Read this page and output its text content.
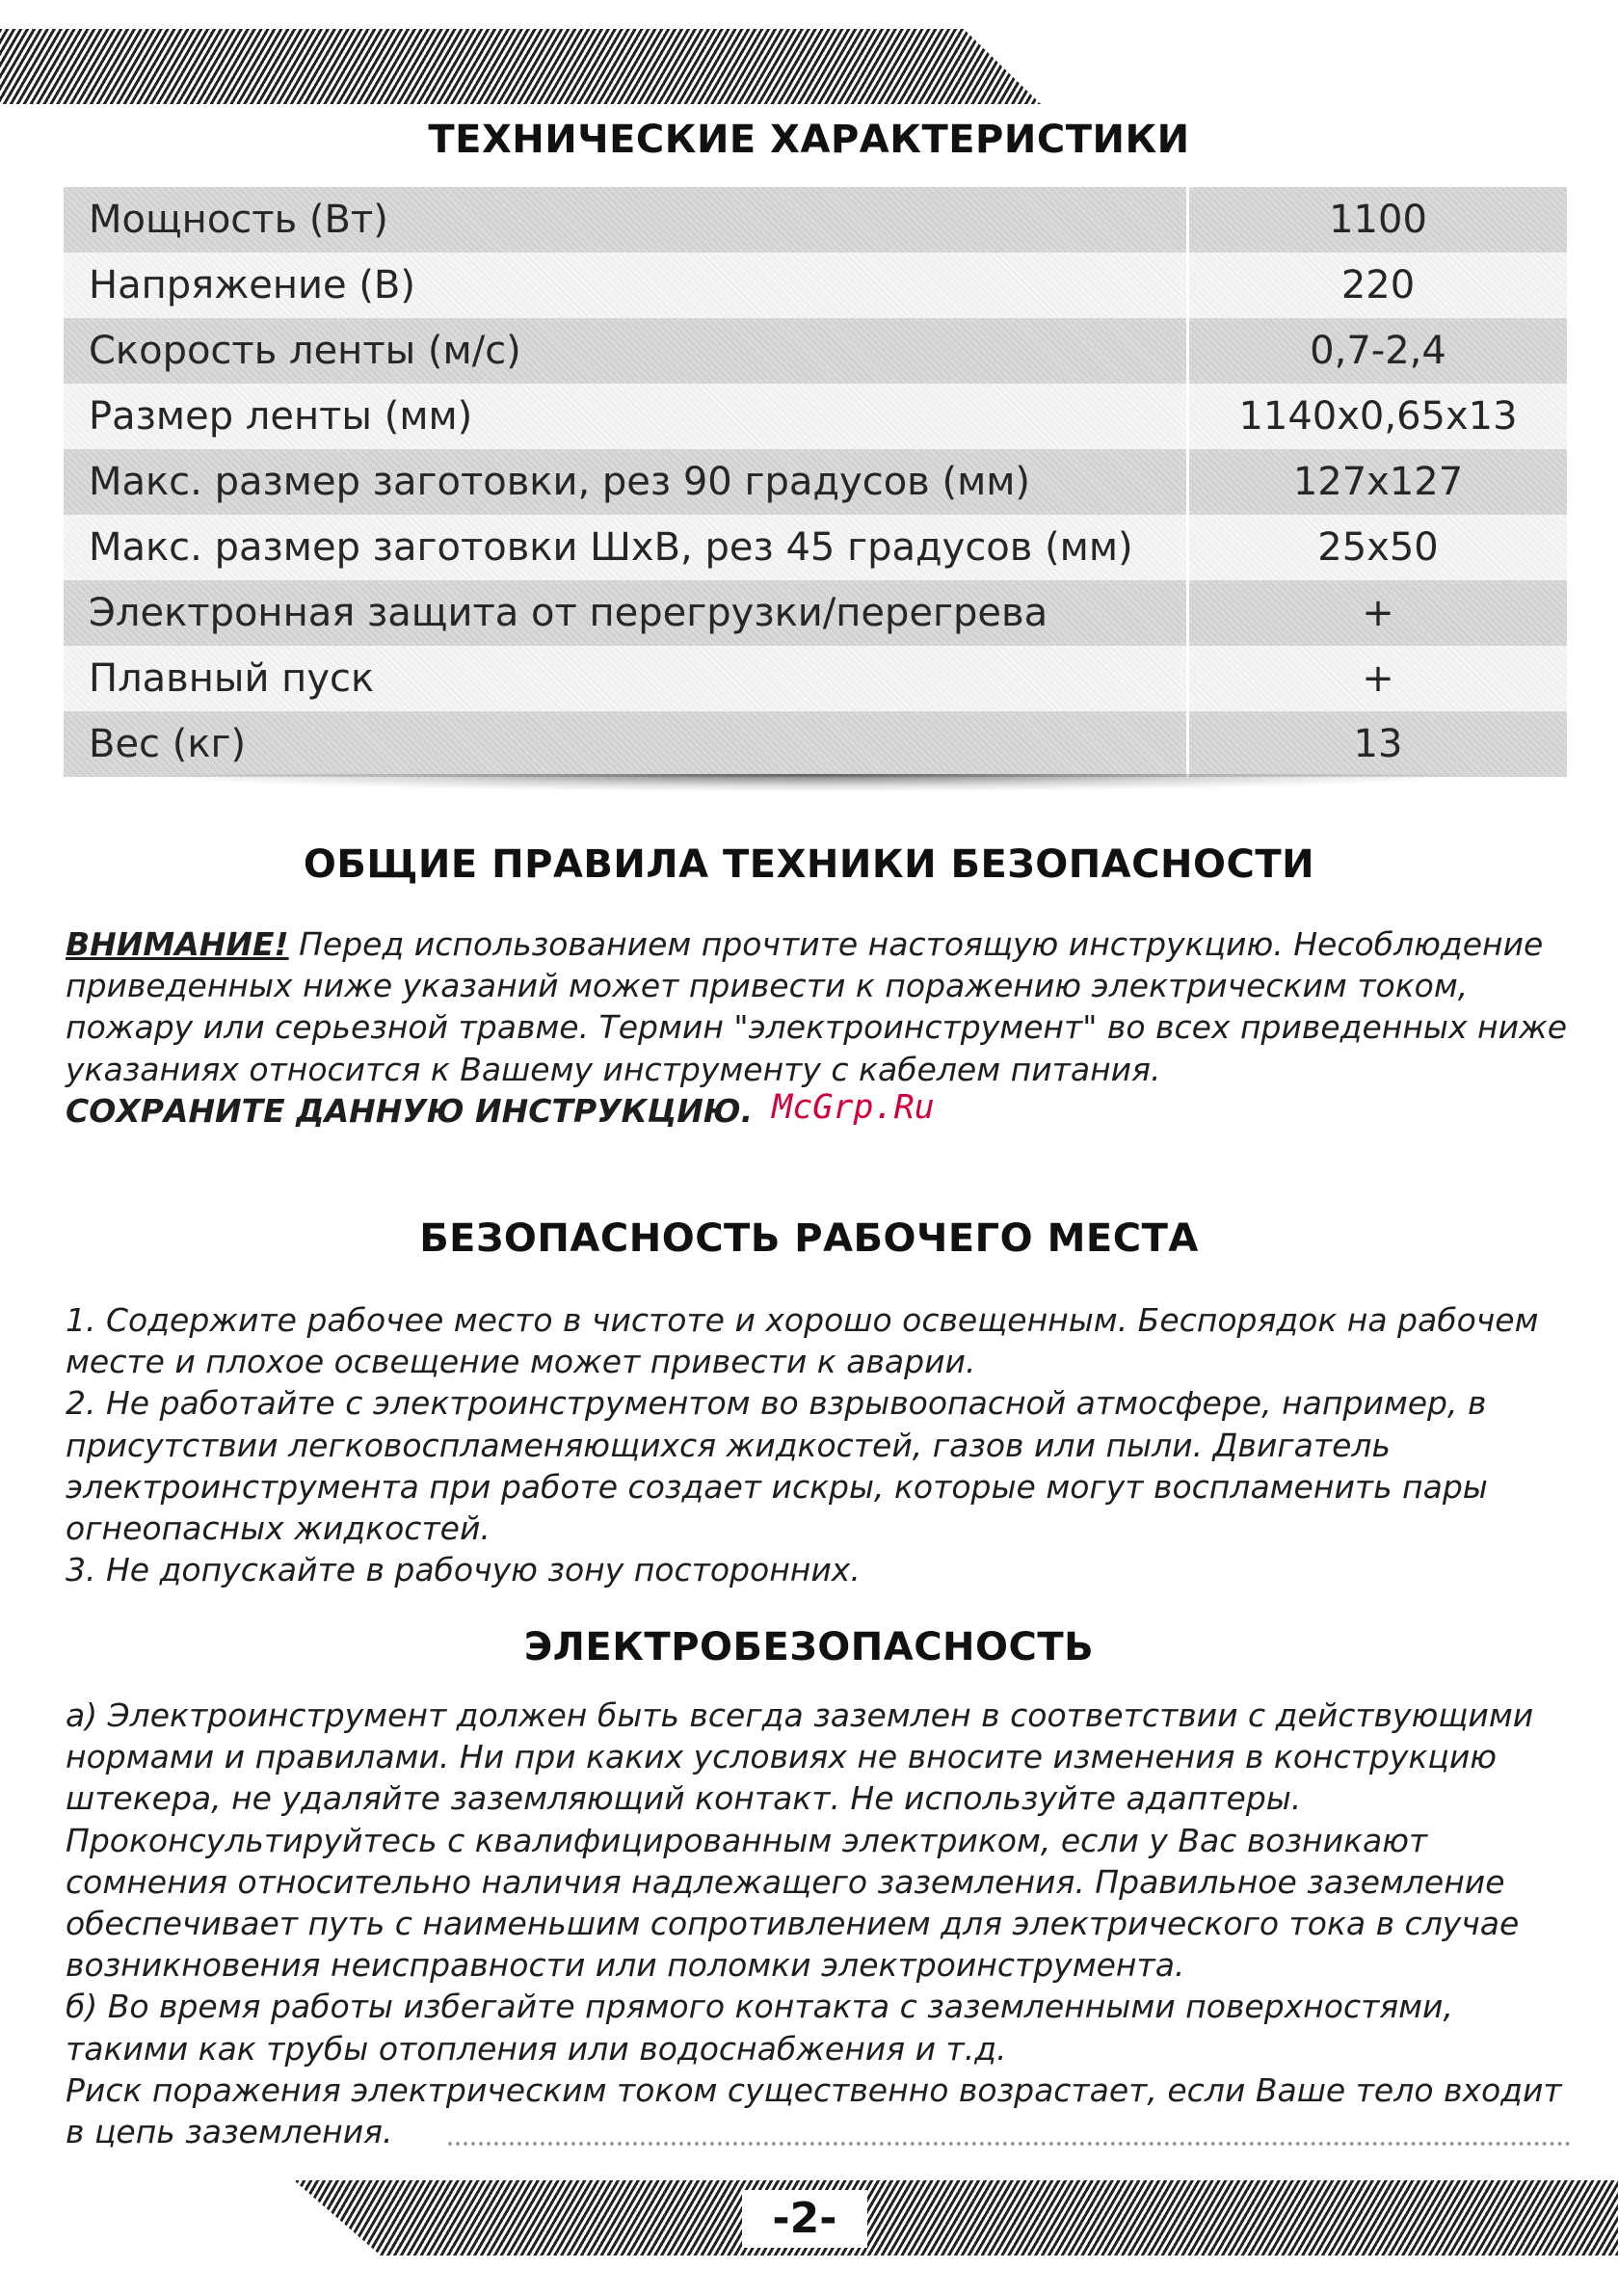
ТЕХНИЧЕСКИЕ ХАРАКТЕРИСТИКИ
Мощность (Вт)	1100
Напряжение (В)	220
Скорость ленты (м/с)	0,7-2,4
Размер ленты (мм)	1140х0,65х13
Макс. размер заготовки, рез 90 градусов (мм)	127х127
Макс. размер заготовки ШхВ, рез 45 градусов (мм)	25х50
Электронная защита от перегрузки/перегрева	+
Плавный пуск	+
Вес (кг)	13
ОБЩИЕ ПРАВИЛА ТЕХНИКИ БЕЗОПАСНОСТИ

ВНИМАНИЕ! Перед использованием прочтите настоящую инструкцию. Несоблюдение приведенных ниже указаний может привести к поражению электрическим током, пожару или серьезной травме. Термин "электроинструмент" во всех приведенных ниже указаниях относится к Вашему инструменту с кабелем питания.
СОХРАНИТЕ ДАННУЮ ИНСТРУКЦИЮ. McGrp.Ru

БЕЗОПАСНОСТЬ РАБОЧЕГО МЕСТА
1. Содержите рабочее место в чистоте и хорошо освещенным. Беспорядок на рабочем месте и плохое освещение может привести к аварии.
2. Не работайте с электроинструментом во взрывоопасной атмосфере, например, в присутствии легковоспламеняющихся жидкостей, газов или пыли. Двигатель электроинструмента при работе создает искры, которые могут воспламенить пары огнеопасных жидкостей.
3. Не допускайте в рабочую зону посторонних.
ЭЛЕКТРОБЕЗОПАСНОСТЬ
а) Электроинструмент должен быть всегда заземлен в соответствии с действующими нормами и правилами. Ни при каких условиях не вносите изменения в конструкцию штекера, не удаляйте заземляющий контакт. Не используйте адаптеры.
Проконсультируйтесь с квалифицированным электриком, если у Вас возникают сомнения относительно наличия надлежащего заземления. Правильное заземление обеспечивает путь с наименьшим сопротивлением для электрического тока в случае возникновения неисправности или поломки электроинструмента.
б) Во время работы избегайте прямого контакта с заземленными поверхностями, такими как трубы отопления или водоснабжения и т.д.
Риск поражения электрическим током существенно возрастает, если Ваше тело входит в цепь заземления.
-2-
